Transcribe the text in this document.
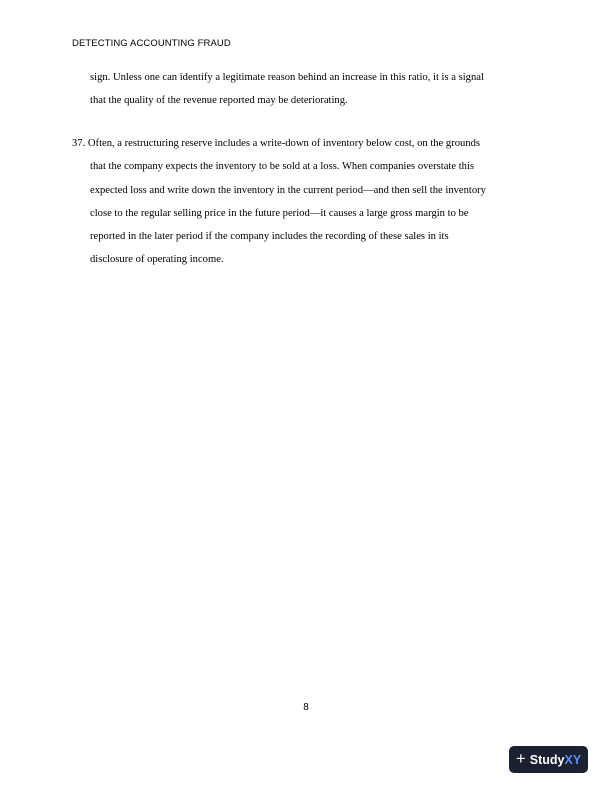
DETECTING ACCOUNTING FRAUD
sign. Unless one can identify a legitimate reason behind an increase in this ratio, it is a signal
that the quality of the revenue reported may be deteriorating.
37. Often, a restructuring reserve includes a write-down of inventory below cost, on the grounds
that the company expects the inventory to be sold at a loss. When companies overstate this
expected loss and write down the inventory in the current period—and then sell the inventory
close to the regular selling price in the future period—it causes a large gross margin to be
reported in the later period if the company includes the recording of these sales in its
disclosure of operating income.
8
+ StudyXY
